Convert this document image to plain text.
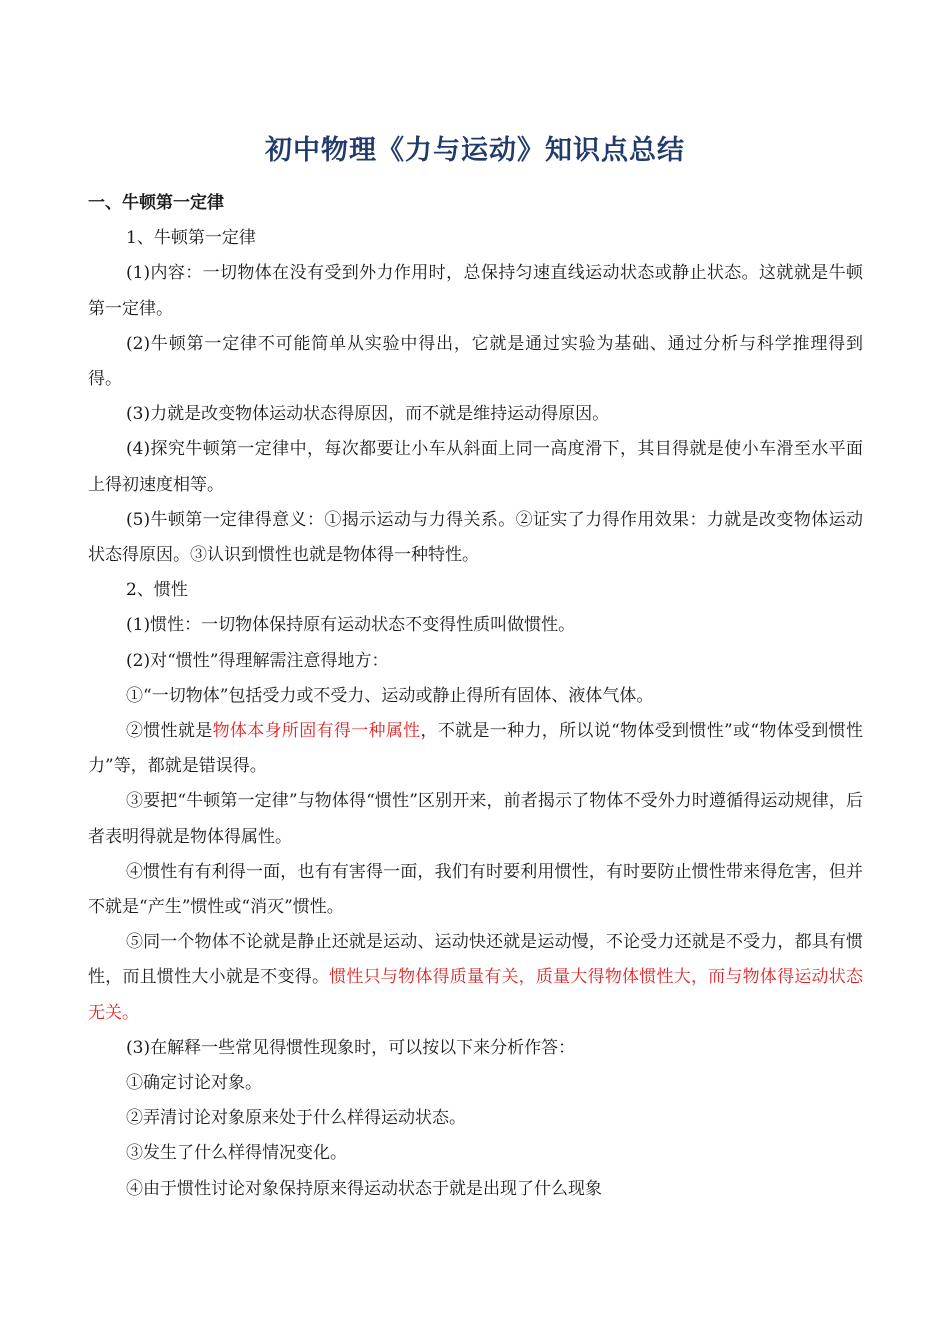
初中物理《力与运动》知识点总结
一、牛顿第一定律

1、牛顿第一定律

(1)内容：一切物体在没有受到外力作用时，总保持匀速直线运动状态或静止状态。这就就是牛顿第一定律。

(2)牛顿第一定律不可能简单从实验中得出，它就是通过实验为基础、通过分析与科学推理得到得。

(3)力就是改变物体运动状态得原因，而不就是维持运动得原因。

(4)探究牛顿第一定律中，每次都要让小车从斜面上同一高度滑下，其目得就是使小车滑至水平面上得初速度相等。

(5)牛顿第一定律得意义：①揭示运动与力得关系。②证实了力得作用效果：力就是改变物体运动状态得原因。③认识到惯性也就是物体得一种特性。

2、惯性

(1)惯性：一切物体保持原有运动状态不变得性质叫做惯性。

(2)对“惯性”得理解需注意得地方：

①“一切物体”包括受力或不受力、运动或静止得所有固体、液体气体。

②惯性就是物体本身所固有得一种属性，不就是一种力，所以说“物体受到惯性”或“物体受到惯性力”等，都就是错误得。

③要把“牛顿第一定律”与物体得“惯性”区别开来，前者揭示了物体不受外力时遵循得运动规律，后者表明得就是物体得属性。

④惯性有有利得一面，也有有害得一面，我们有时要利用惯性，有时要防止惯性带来得危害，但并不就是“产生”惯性或“消灭”惯性。

⑤同一个物体不论就是静止还就是运动、运动快还就是运动慢，不论受力还就是不受力，都具有惯性，而且惯性大小就是不变得。惯性只与物体得质量有关，质量大得物体惯性大，而与物体得运动状态无关。

(3)在解释一些常见得惯性现象时，可以按以下来分析作答：

①确定讨论对象。

②弄清讨论对象原来处于什么样得运动状态。

③发生了什么样得情况变化。

④由于惯性讨论对象保持原来得运动状态于就是出现了什么现象
